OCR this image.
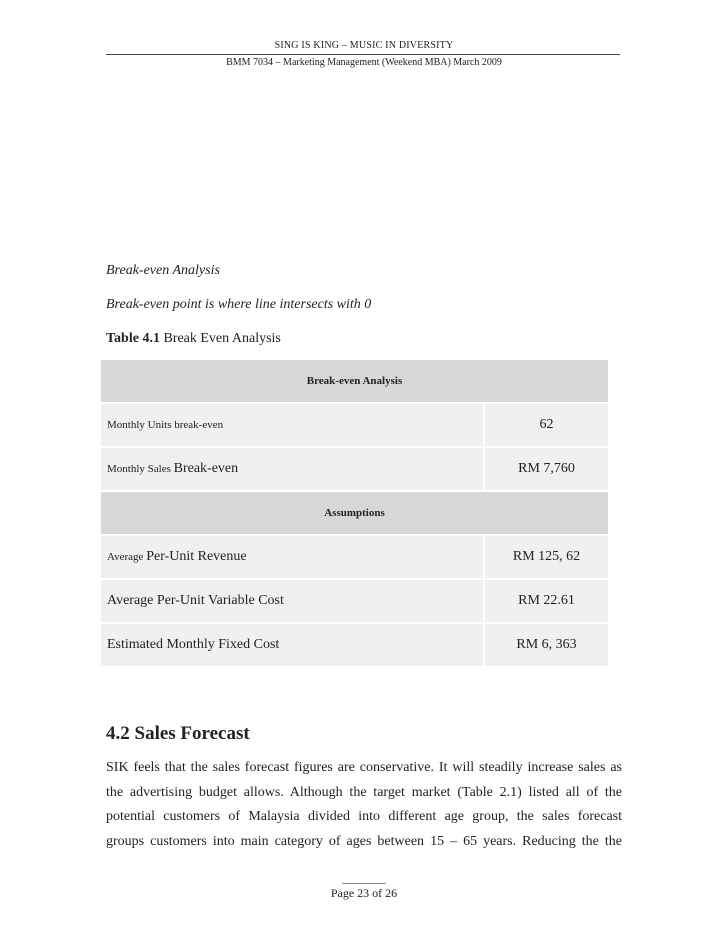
SING IS KING – MUSIC IN DIVERSITY
BMM 7034 – Marketing Management (Weekend MBA) March 2009
Break-even Analysis
Break-even point is where line intersects with 0
Table 4.1 Break Even Analysis
Break-even Analysis	
Monthly Units break-even	62
Monthly Sales Break-even	RM 7,760
Assumptions	
Average Per-Unit Revenue	RM 125, 62
Average Per-Unit Variable Cost	RM 22.61
Estimated Monthly Fixed Cost	RM 6, 363
4.2 Sales Forecast
SIK feels that the sales forecast figures are conservative. It will steadily increase sales as
the advertising budget allows. Although the target market (Table 2.1) listed all of the
potential customers of Malaysia divided into different age group, the sales forecast
groups customers into main category of ages between 15 – 65 years. Reducing the the
Page 23 of 26
